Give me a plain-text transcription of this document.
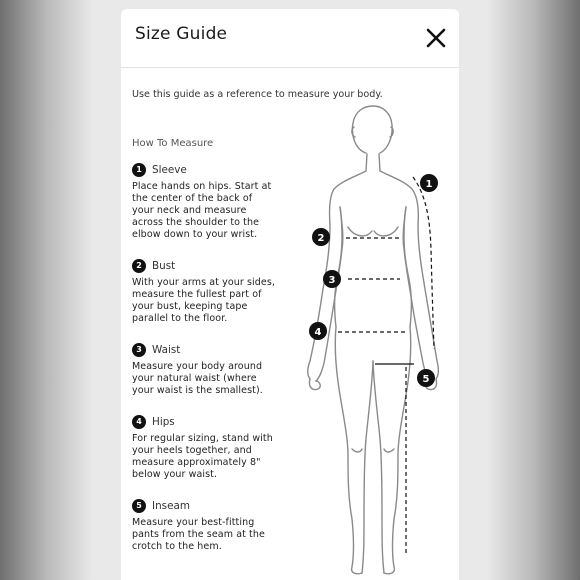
Size Guide
Use this guide as a reference to measure your body.
How To Measure
1 Sleeve
Place hands on hips. Start at
the center of the back of
your neck and measure
across the shoulder to the
elbow down to your wrist.
2 Bust
With your arms at your sides,
measure the fullest part of
your bust, keeping tape
parallel to the floor.
3 Waist
Measure your body around
your natural waist (where
your waist is the smallest).
4 Hips
For regular sizing, stand with
your heels together, and
measure approximately 8"
below your waist.
5 Inseam
Measure your best-fitting
pants from the seam at the
crotch to the hem.
1
2
3
4
5
